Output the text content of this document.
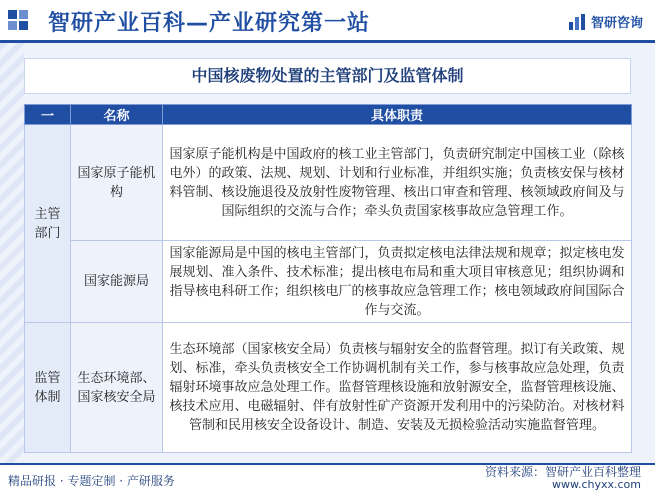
智研产业百科—产业研究第一站	智研咨询
中国核废物处置的主管部门及监管体制
一	名称	具体职责
主管部门	国家原子能机构	国家原子能机构是中国政府的核工业主管部门，负责研究制定中国核工业（除核电外）的政策、法规、规划、计划和行业标准，并组织实施；负责核安保与核材料管制、核设施退役及放射性废物管理、核出口审查和管理、核领域政府间及与国际组织的交流与合作；牵头负责国家核事故应急管理工作。
	国家能源局	国家能源局是中国的核电主管部门，负责拟定核电法律法规和规章；拟定核电发展规划、准入条件、技术标准；提出核电布局和重大项目审核意见；组织协调和指导核电科研工作；组织核电厂的核事故应急管理工作；核电领域政府间国际合作与交流。
监管体制	生态环境部、国家核安全局	生态环境部（国家核安全局）负责核与辐射安全的监督管理。拟订有关政策、规划、标准，牵头负责核安全工作协调机制有关工作，参与核事故应急处理，负责辐射环境事故应急处理工作。监督管理核设施和放射源安全，监督管理核设施、核技术应用、电磁辐射、伴有放射性矿产资源开发利用中的污染防治。对核材料管制和民用核安全设备设计、制造、安装及无损检验活动实施监督管理。
精品研报 · 专题定制 · 产研服务
资料来源：智研产业百科整理
www.chyxx.com
